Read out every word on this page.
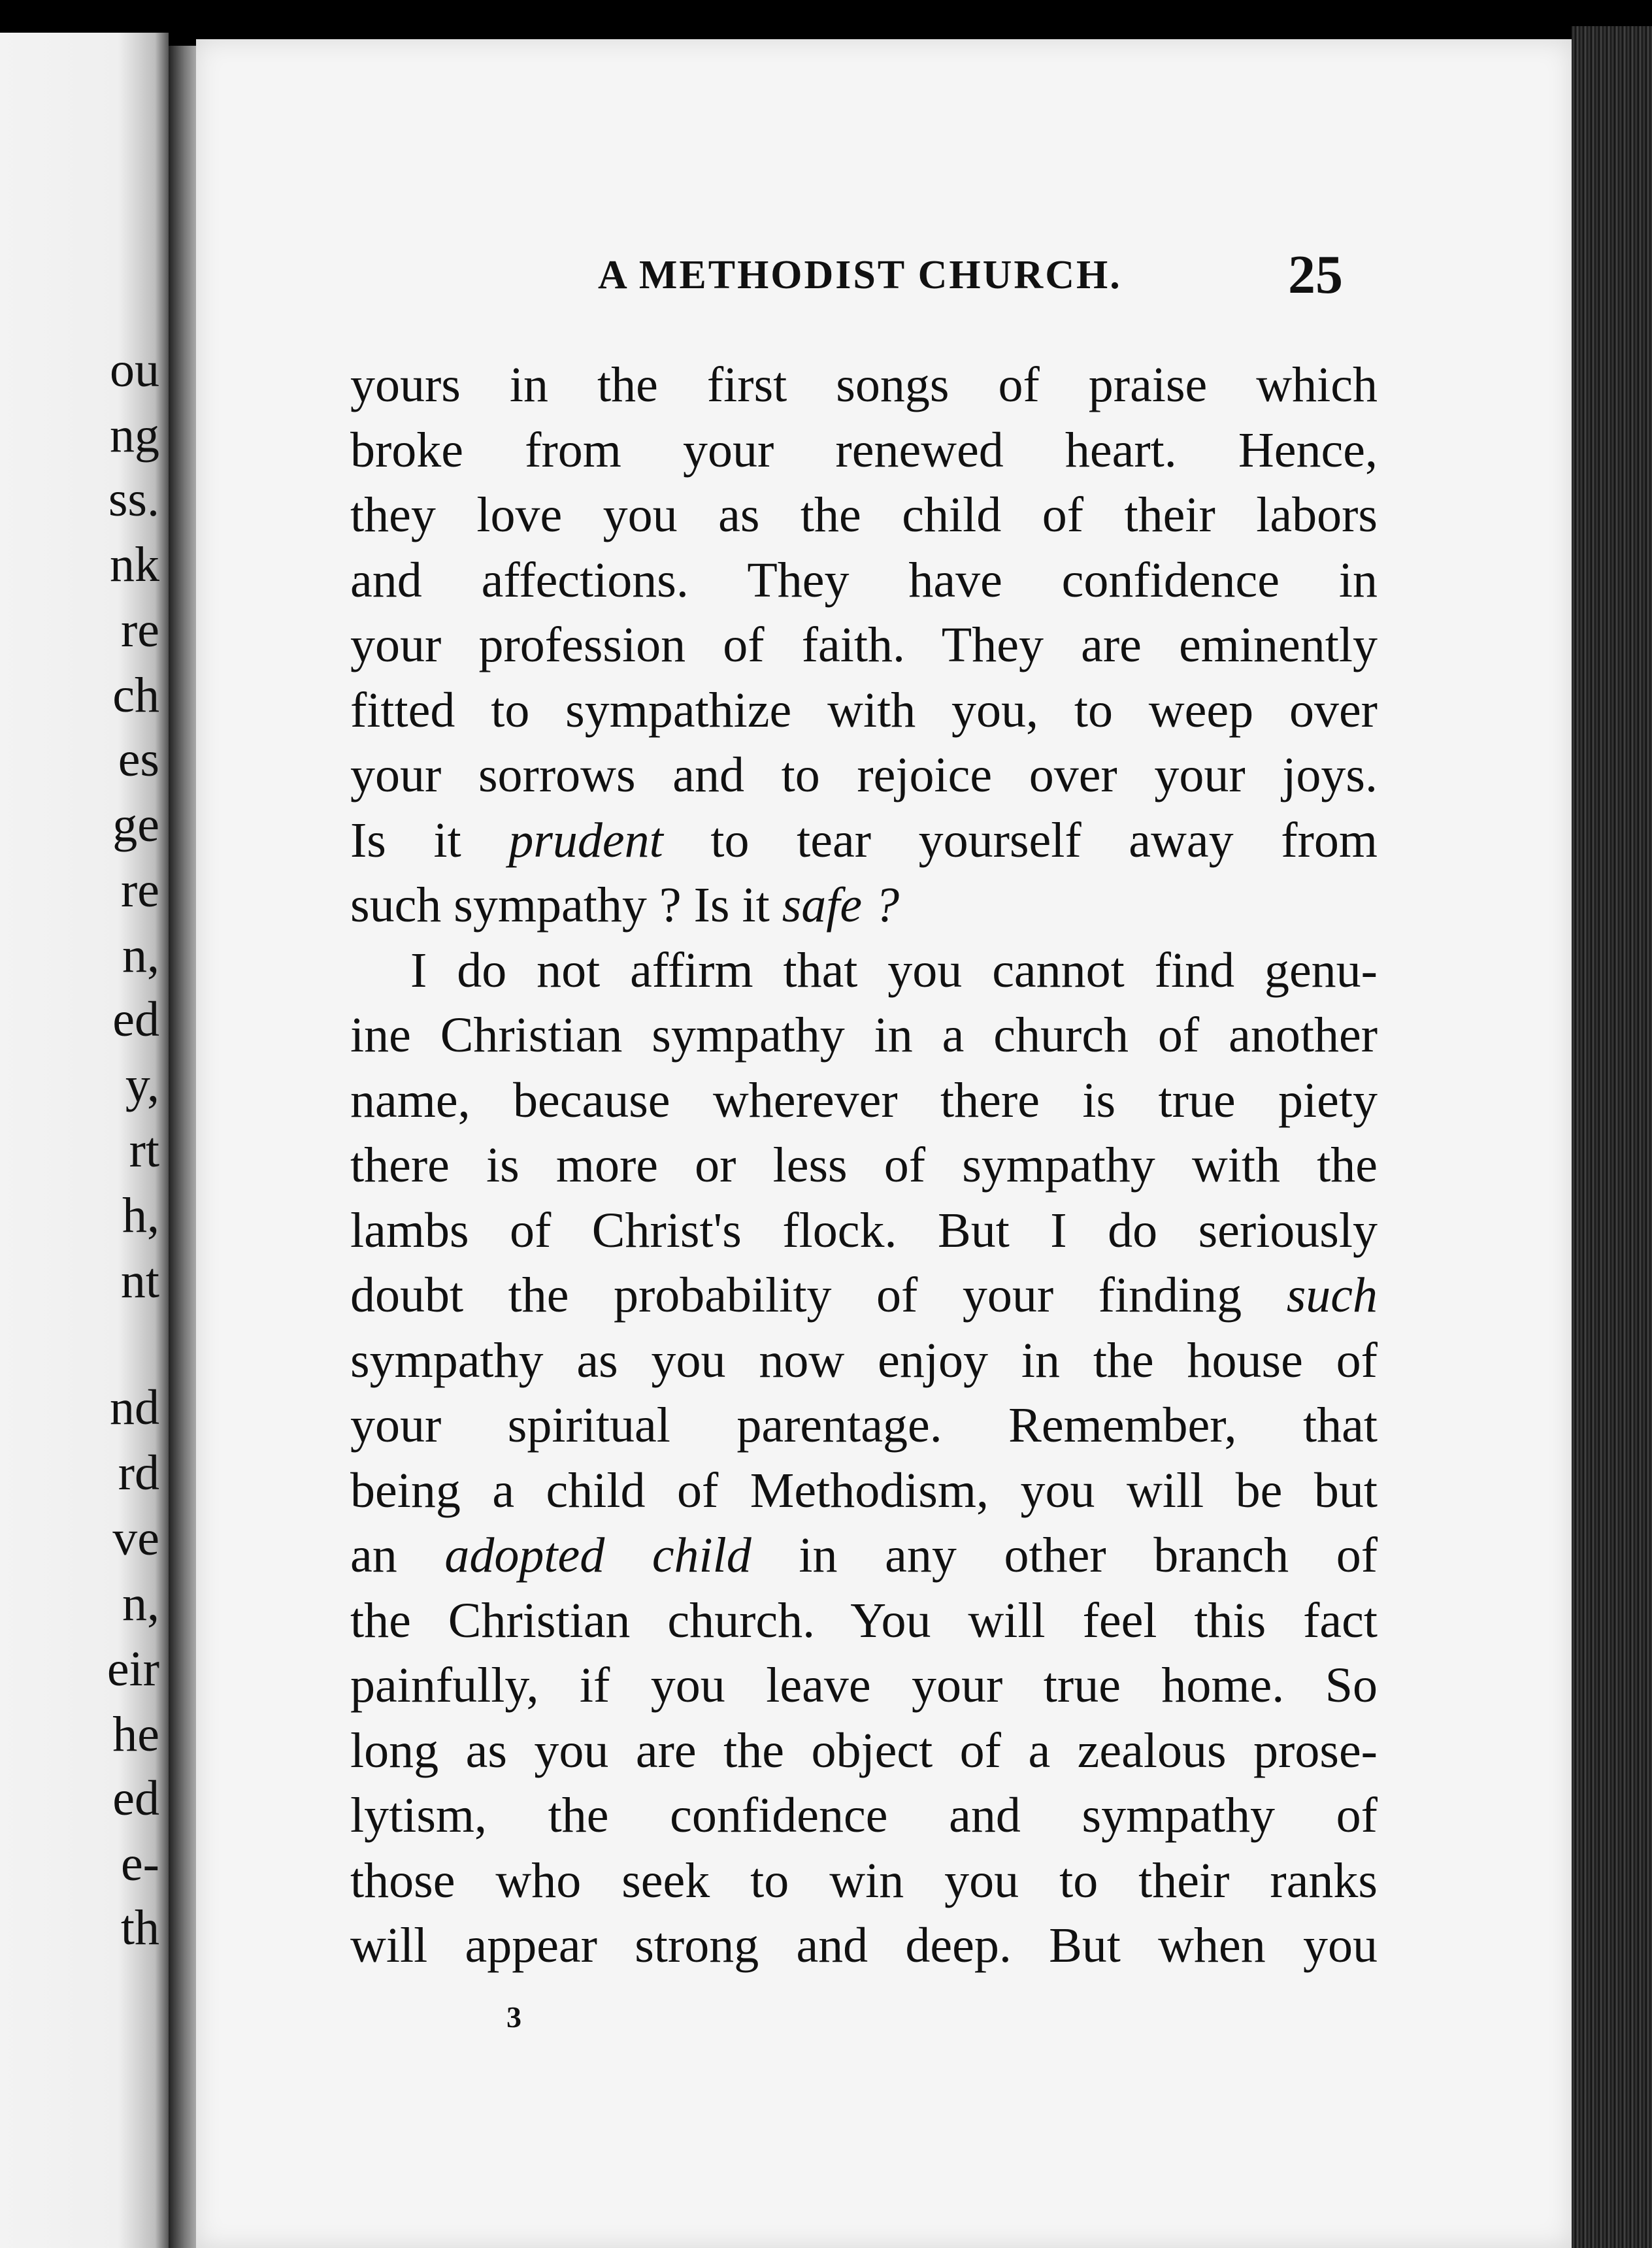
ou
ng
ss.
nk
re
ch
es
ge
re
n,
ed
y,
rt
h,
nt
nd
rd
ve
n,
eir
he
ed
e-
th
A METHODIST CHURCH.	25
yours in the first songs of praise which
broke from your renewed heart. Hence,
they love you as the child of their labors
and affections. They have confidence in
your profession of faith. They are eminently
fitted to sympathize with you, to weep over
your sorrows and to rejoice over your joys.
Is it prudent to tear yourself away from
such sympathy ? Is it safe ?
I do not affirm that you cannot find genu-
ine Christian sympathy in a church of another
name, because wherever there is true piety
there is more or less of sympathy with the
lambs of Christ's flock. But I do seriously
doubt the probability of your finding such
sympathy as you now enjoy in the house of
your spiritual parentage. Remember, that
being a child of Methodism, you will be but
an adopted child in any other branch of
the Christian church. You will feel this fact
painfully, if you leave your true home. So
long as you are the object of a zealous prose-
lytism, the confidence and sympathy of
those who seek to win you to their ranks
will appear strong and deep. But when you
3
